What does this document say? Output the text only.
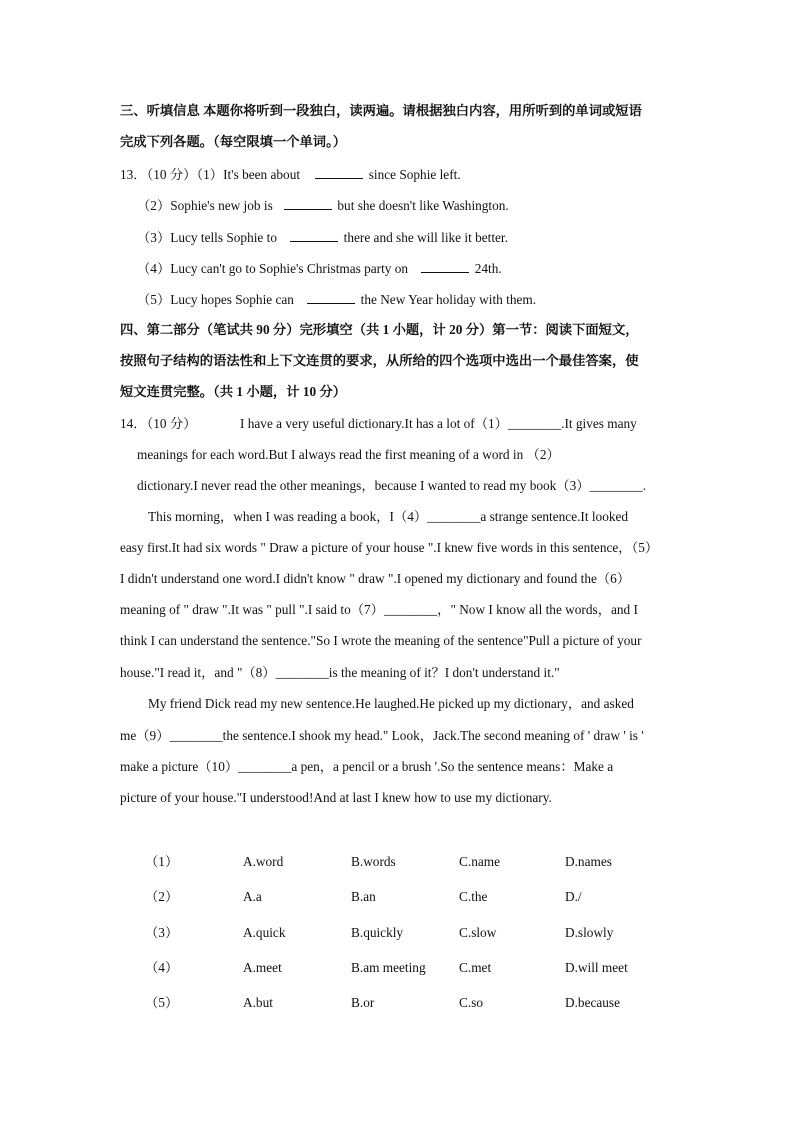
三、听填信息 本题你将听到一段独白，读两遍。请根据独白内容，用所听到的单词或短语
完成下列各题。（每空限填一个单词。）
13．（10 分）（1）It's been about	since Sophie left.
（2）Sophie's new job is	but she doesn't like Washington.
（3）Lucy tells Sophie to	there and she will like it better.
（4）Lucy can't go to Sophie's Christmas party on	24th.
（5）Lucy hopes Sophie can	the New Year holiday with them.
四、第二部分（笔试共 90 分）完形填空（共 1 小题，计 20 分）第一节：阅读下面短文，
按照句子结构的语法性和上下文连贯的要求，从所给的四个选项中选出一个最佳答案，使
短文连贯完整。（共 1 小题，计 10 分）
14．（10 分）	I have a very useful dictionary.It has a lot of（1）________.It gives many
meanings for each word.But I always read the first meaning of a word in （2）
dictionary.I never read the other meanings，because I wanted to read my book（3）________.
This morning，when I was reading a book，I（4）________a strange sentence.It looked
easy first.It had six words " Draw a picture of your house ".I knew five words in this sentence，（5）
I didn't understand one word.I didn't know " draw ".I opened my dictionary and found the（6）
meaning of " draw ".It was " pull ".I said to（7）________，" Now I know all the words，and I
think I can understand the sentence."So I wrote the meaning of the sentence"Pull a picture of your
house."I read it，and "（8）________is the meaning of it？I don't understand it."
My friend Dick read my new sentence.He laughed.He picked up my dictionary，and asked
me（9）________the sentence.I shook my head." Look，Jack.The second meaning of ' draw ' is '
make a picture（10）________a pen，a pencil or a brush '.So the sentence means：Make a
picture of your house."I understood!And at last I knew how to use my dictionary.
（1）	A.word	B.words	C.name	D.names
（2）	A.a	B.an	C.the	D./
（3）	A.quick	B.quickly	C.slow	D.slowly
（4）	A.meet	B.am meeting	C.met	D.will meet
（5）	A.but	B.or	C.so	D.because
